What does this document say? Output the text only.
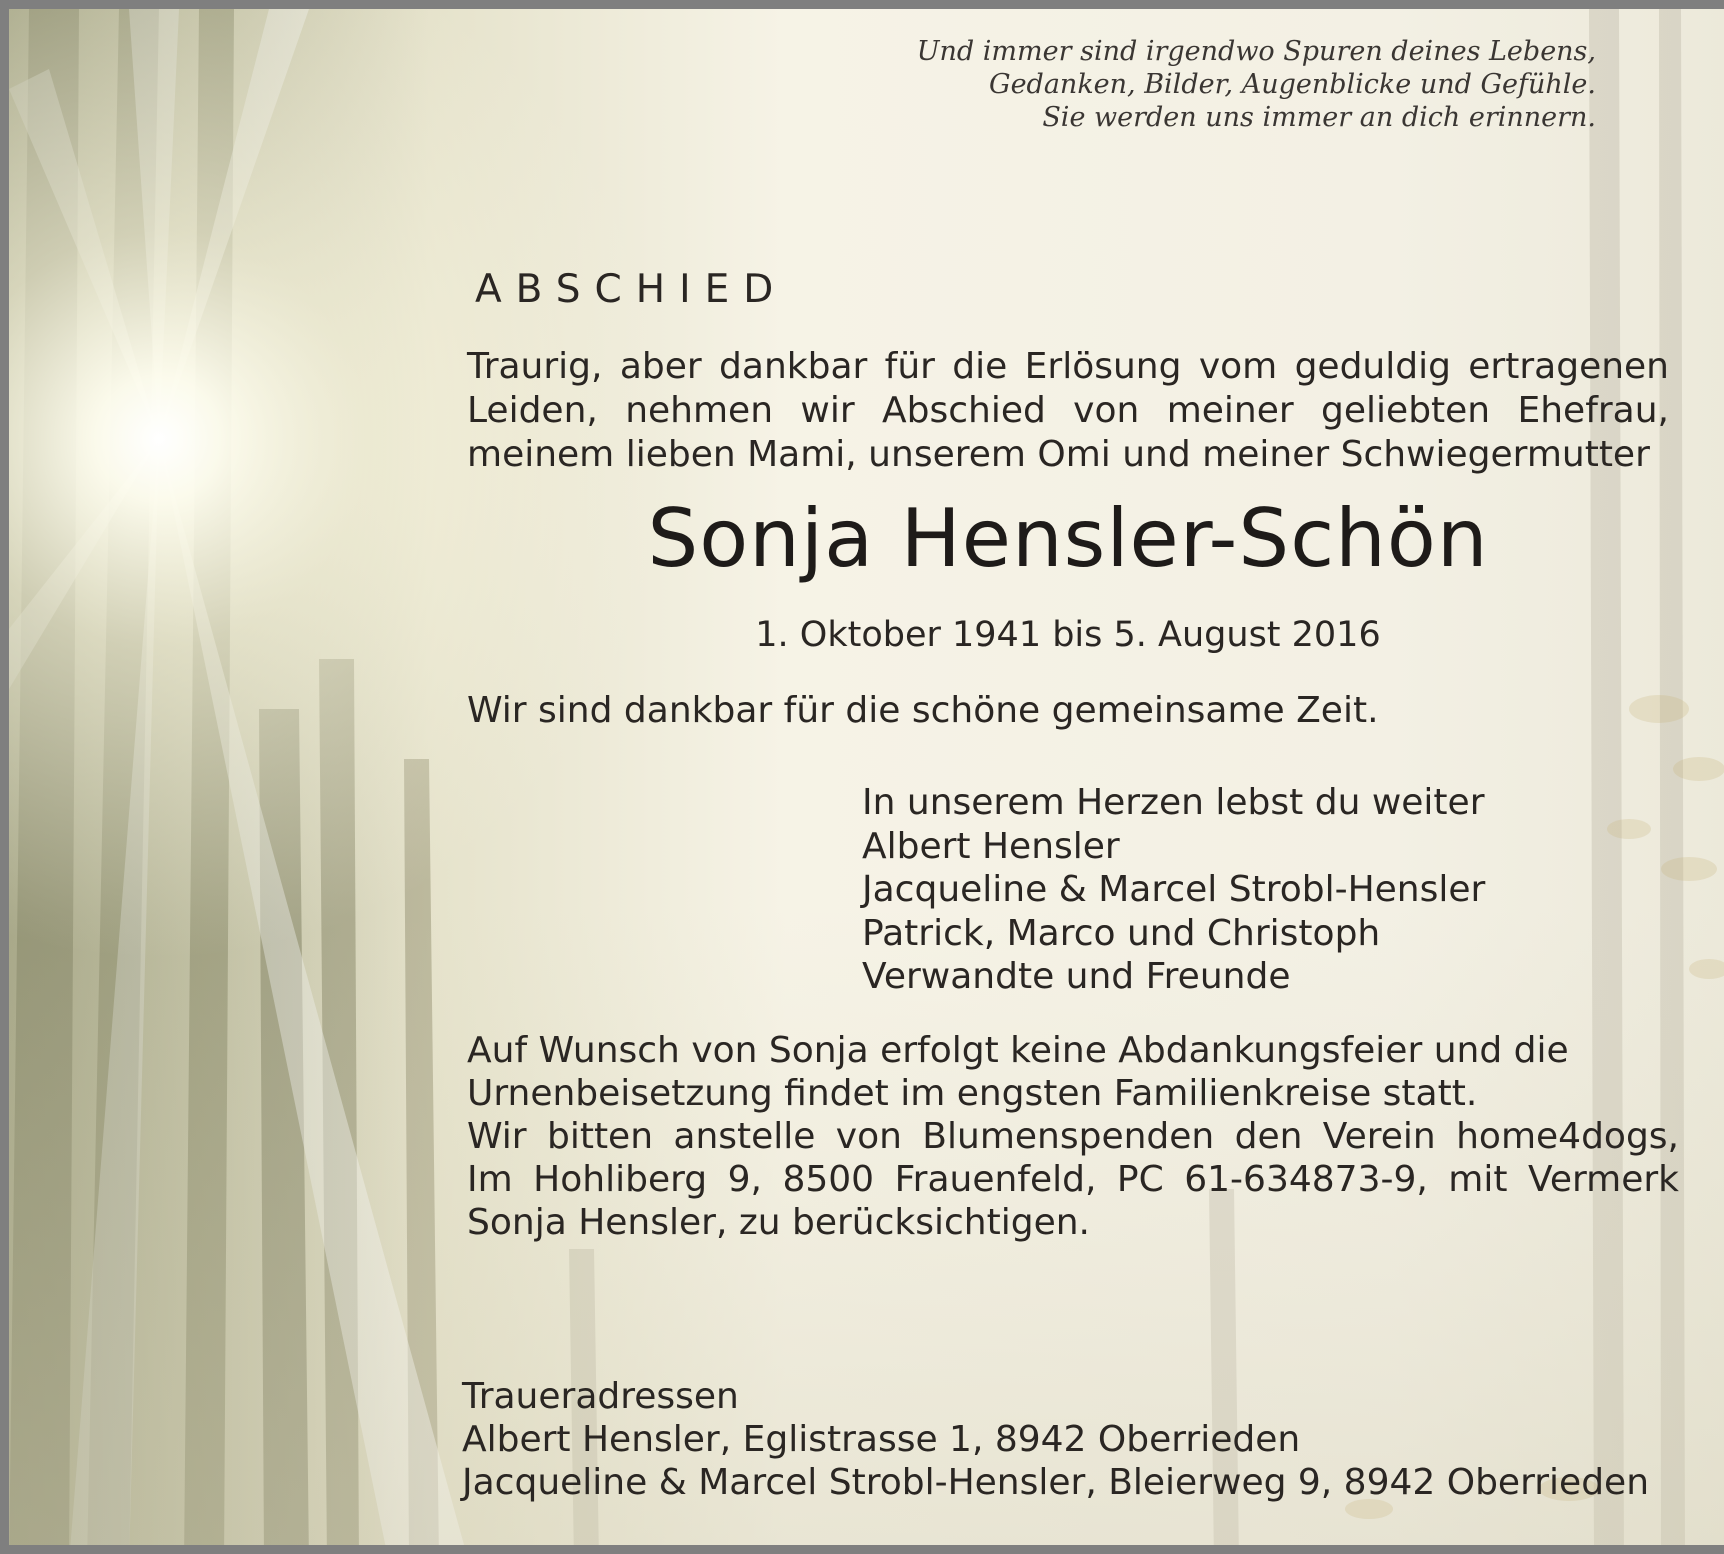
Und immer sind irgendwo Spuren deines Lebens,
Gedanken, Bilder, Augenblicke und Gefühle.
Sie werden uns immer an dich erinnern.
ABSCHIED
Traurig, aber dankbar für die Erlösung vom geduldig ertragenen
Leiden, nehmen wir Abschied von meiner geliebten Ehefrau,
meinem lieben Mami, unserem Omi und meiner Schwiegermutter
Sonja Hensler-Schön
1. Oktober 1941 bis 5. August 2016
Wir sind dankbar für die schöne gemeinsame Zeit.
In unserem Herzen lebst du weiter
Albert Hensler
Jacqueline & Marcel Strobl-Hensler
Patrick, Marco und Christoph
Verwandte und Freunde
Auf Wunsch von Sonja erfolgt keine Abdankungsfeier und die
Urnenbeisetzung findet im engsten Familienkreise statt.
Wir bitten anstelle von Blumenspenden den Verein home4dogs,
Im Hohliberg 9, 8500 Frauenfeld, PC 61-634873-9, mit Vermerk
Sonja Hensler, zu berücksichtigen.
Traueradressen
Albert Hensler, Eglistrasse 1, 8942 Oberrieden
Jacqueline & Marcel Strobl-Hensler, Bleierweg 9, 8942 Oberrieden
